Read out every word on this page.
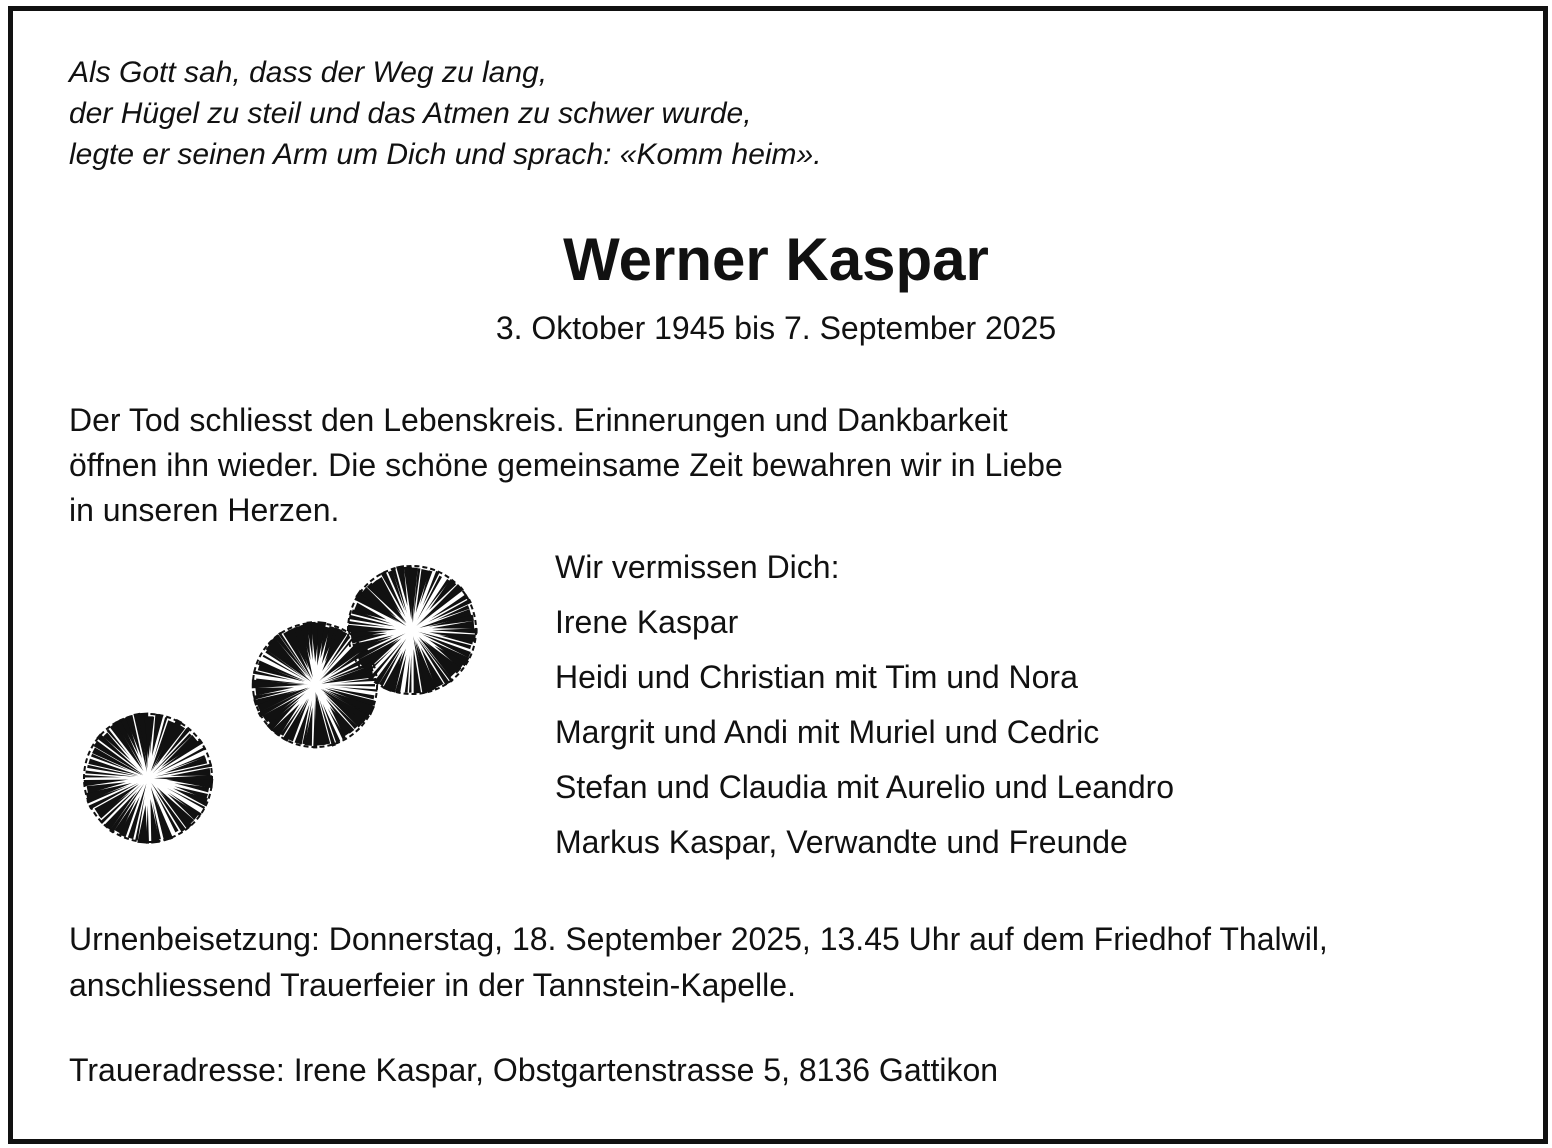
Als Gott sah, dass der Weg zu lang,
der Hügel zu steil und das Atmen zu schwer wurde,
legte er seinen Arm um Dich und sprach: «Komm heim».

Werner Kaspar

3. Oktober 1945 bis 7. September 2025

Der Tod schliesst den Lebenskreis. Erinnerungen und Dankbarkeit
öffnen ihn wieder. Die schöne gemeinsame Zeit bewahren wir in Liebe
in unseren Herzen.

Wir vermissen Dich:
Irene Kaspar
Heidi und Christian mit Tim und Nora
Margrit und Andi mit Muriel und Cedric
Stefan und Claudia mit Aurelio und Leandro
Markus Kaspar, Verwandte und Freunde

Urnenbeisetzung: Donnerstag, 18. September 2025, 13.45 Uhr auf dem Friedhof Thalwil,
anschliessend Trauerfeier in der Tannstein-Kapelle.

Traueradresse: Irene Kaspar, Obstgartenstrasse 5, 8136 Gattikon
